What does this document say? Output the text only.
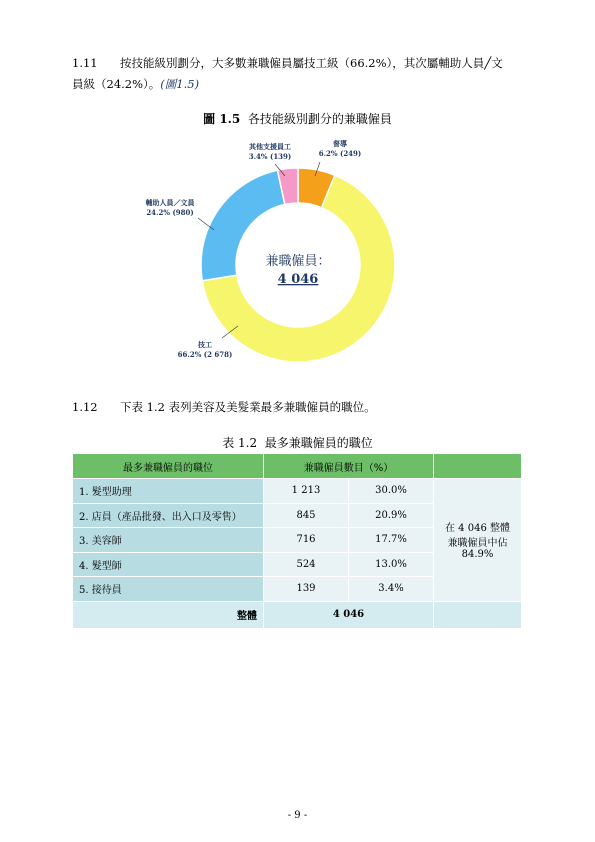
1.11 按技能級別劃分，大多數兼職僱員屬技工級（66.2%），其次屬輔助人員╱文
員級（24.2%）。(圖1.5)
圖 1.5 各技能級別劃分的兼職僱員
督導
6.2% (249)
其他支援員工
3.4% (139)
輔助人員／文員
24.2% (980)
技工
66.2% (2 678)
兼職僱員：
4 046
1.12 下表 1.2 表列美容及美髮業最多兼職僱員的職位。
表 1.2 最多兼職僱員的職位
最多兼職僱員的職位	兼職僱員數目（%）		
1. 髮型助理	1 213	30.0%	在 4 046 整體
兼職僱員中佔
84.9%

2. 店員（產品批發、出入口及零售）	845	20.9%	
3. 美容師	716	17.7%	
4. 髮型師	524	13.0%	
5. 接待員	139	3.4%	
整體	4 046		
- 9 -
